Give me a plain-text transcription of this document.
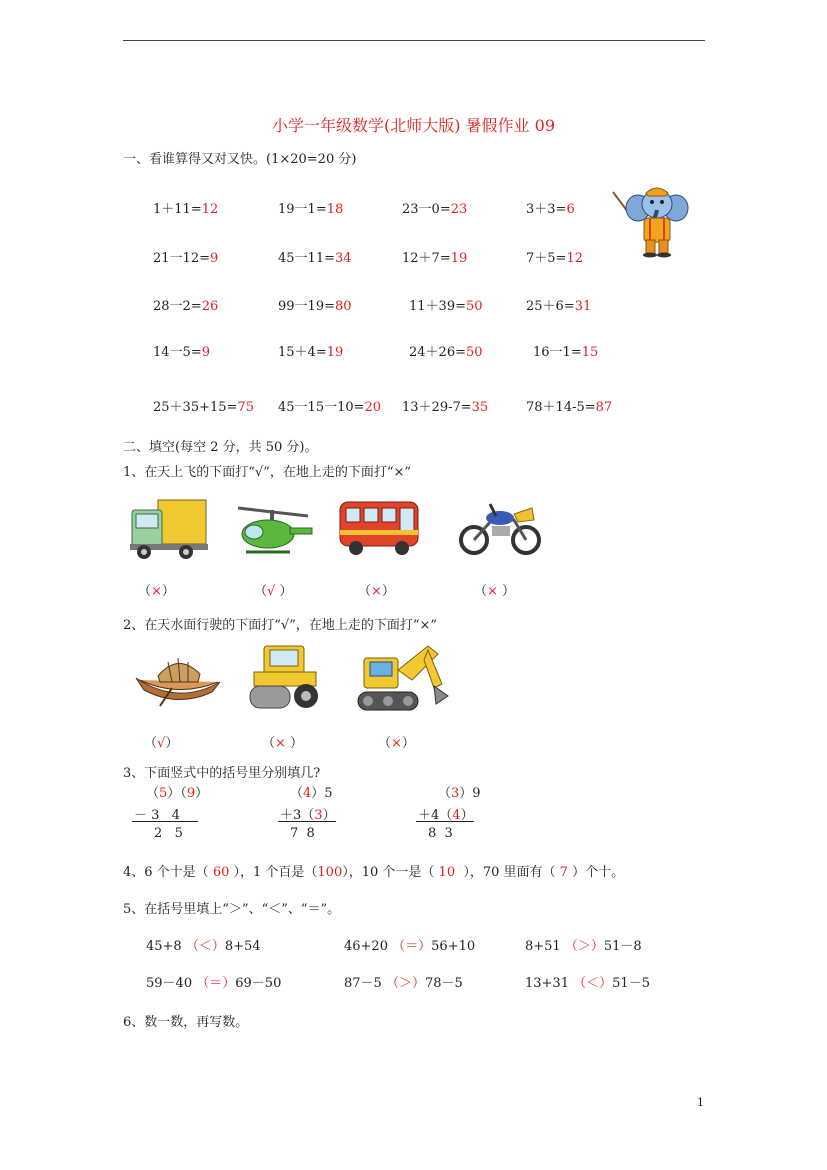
小学一年级数学(北师大版) 暑假作业 09
一、看谁算得又对又快。(1×20=20 分)
1＋11=12	19一1=18	23一0=23	3＋3=6
21一12=9	45一11=34	12＋7=19	7＋5=12
28一2=26	99一19=80	11＋39=50	25＋6=31
14一5=9	15＋4=19	24＋26=50	16一1=15
25＋35+15=75 45一15一10=20 13＋29-7=35	78＋14-5=87
二、填空(每空 2 分，共 50 分)。
1、在天上飞的下面打“√”，在地上走的下面打“×”
（×）	（√ ）	（×）	（× ）
2、在天水面行驶的下面打“√”，在地上走的下面打“×”
（√）	（× ）	（×）
3、下面竖式中的括号里分别填几?
（5）（9）
－ 3   4
2   5
（4）5
＋3（3）
7  8
（3）9
＋4（4）
8  3
4、6 个十是（ 60 ），1 个百是（100），10 个一是（ 10  ），70 里面有（ 7 ）个十。
5、在括号里填上“＞”、“＜”、“＝”。
45+8 （＜）8+54	46+20 （＝）56+10	8+51 （＞）51－8
59－40 （＝）69－50	87－5 （＞）78－5	13+31 （＜）51－5
6、数一数，再写数。
1
